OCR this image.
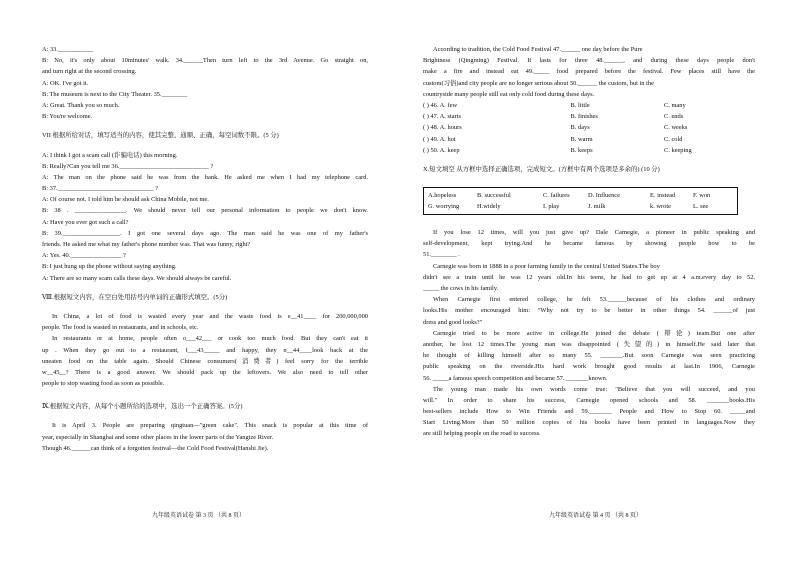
A: 33.___________
B: No, it's only about 10minutes' walk. 34.______Then turn left to the 3rd Avenue. Go straight on,
and turn right at the second crossing.
A: OK. I've got it.
B: The museum is next to the City Theater. 35.________
A: Great. Thank you so much.
B: You're welcome.
VII 根据所给对话，填写适当的内容，使其完整、通顺、正确，每空词数不限。(5 分)
A: I think I got a scam call (诈骗电话) this morning.
B: Really?Can you tell me 36.____________________________ ?
A: The man on the phone said he was from the bank. He asked me when I had my telephone card.
B: 37.______________________________ ?
A: Of course not. I told him he should ask China Mobile, not me.
B: 38 . ________________. We should never tell our personal information to people we don't know.
A: Have you ever got such a call?
B: 39.__________________. I got one several days ago. The man said he was one of my father's
friends. He asked me what my father's phone number was. That was funny, right?
A: Yes. 40.________________ ?
B: I just hung up the phone without saying anything.
A: There are so many scam calls these days. We should always be careful.
Ⅷ.根据短文内容，在空白处用括号内单词的正确形式填空。(5分)
In China, a lot of food is wasted every year and the waste food is e__41____ for 200,000,000
people. The food is wasted in restaurants, and in schools, etc.
In restaurants or at home, people often o___42___ or cook too much food. But they can't eat it
up . When they go out to a restaurant, f___43_____ and happy, they n__44____look back at the
uneaten food on the table again. Should Chinese consumers(消费者) feel sorry for the terrible
w__45__? There is a good answer. We should pack up the leftovers. We also need to tell other
people to stop wasting food as soon as possible.
Ⅸ.根据短文内容，从每个小题所给的选项中，选出一个正确答案。(5分)
It is April 3. People are preparing qingtuan—"green cake". This snack is popular at this time of
year, especially in Shanghai and some other places in the lower parts of the Yangtze River.
Though 46.______can think of a forgotten festival—the Cold Food Festival(Hanshi Jie).
九年级英语试卷 第 3 页 （共 8 页）
According to tradition, the Cold Food Festival 47.______ one day before the Pure
Brightness (Qingming) Festival. It lasts for three 48.______, and during these days people don't
make a fire and instead eat 49._____ food prepared before the festival. Few places still have the
custom(习俗)and city people are no longer serious about 50.______ the custom, but in the
countryside many people still eat only cold food during these days.
( ) 46. A. few	B. little	C. many
( ) 47. A. starts	B. finishes	C. ends
( ) 48. A. hours	B. days	C. weeks
( ) 49. A. hot	B. warm	C. cold
( ) 50. A. keep	B. keeps	C. keeping
X.短文填空 从方框中选择正确选项，完成短文。(方框中有两个选项是多余的) (10 分)
A.hopeless	B. successful	C. failures	D. Influence	E. instead	F. won
G. worrying	H.widely	I. play	J. milk	k. wrote	L. see
If you lose 12 times, will you just give up? Dale Carnegie, a pioneer in public speaking and
self-development, kept trying.And he became famous by showing people how to be
51.________ .
Carnegie was born in 1888 in a poor farming family in the central United States.The boy
didn't see a train until he was 12 years old.In his teens, he had to get up at 4 a.m.every day to 52.
_____ the cows in his family.
When Carnegie first entered college, he felt 53.______because of his clothes and ordinary
looks.His mother encouraged him: "Why not try to be better in other things 54. ______of just
dress and good looks?"
Carnegie tried to be more active in college.He joined the debate (辩论) team.But one after
another, he lost 12 times.The young man was disappointed (失望的) in himself.He said later that
he thought of killing himself after so many 55. _______.But soon Carnegie was seen practicing
public speaking on the riverside.His hard work brought good results at last.In 1906, Carnegie
56. _____a famous speech competition and became 57. _______known.
The young man made his own words come true: "Believe that you will succeed, and you
will." In order to share his success, Carnegie opened schools and 58. _______books.His
best-sellers include How to Win Friends and 59._______ People and How to Stop 60. _____and
Start Living.More than 50 million copies of his books have been printed in languages.Now they
are still helping people on the road to success.
九年级英语试卷 第 4 页 （共 8 页）
